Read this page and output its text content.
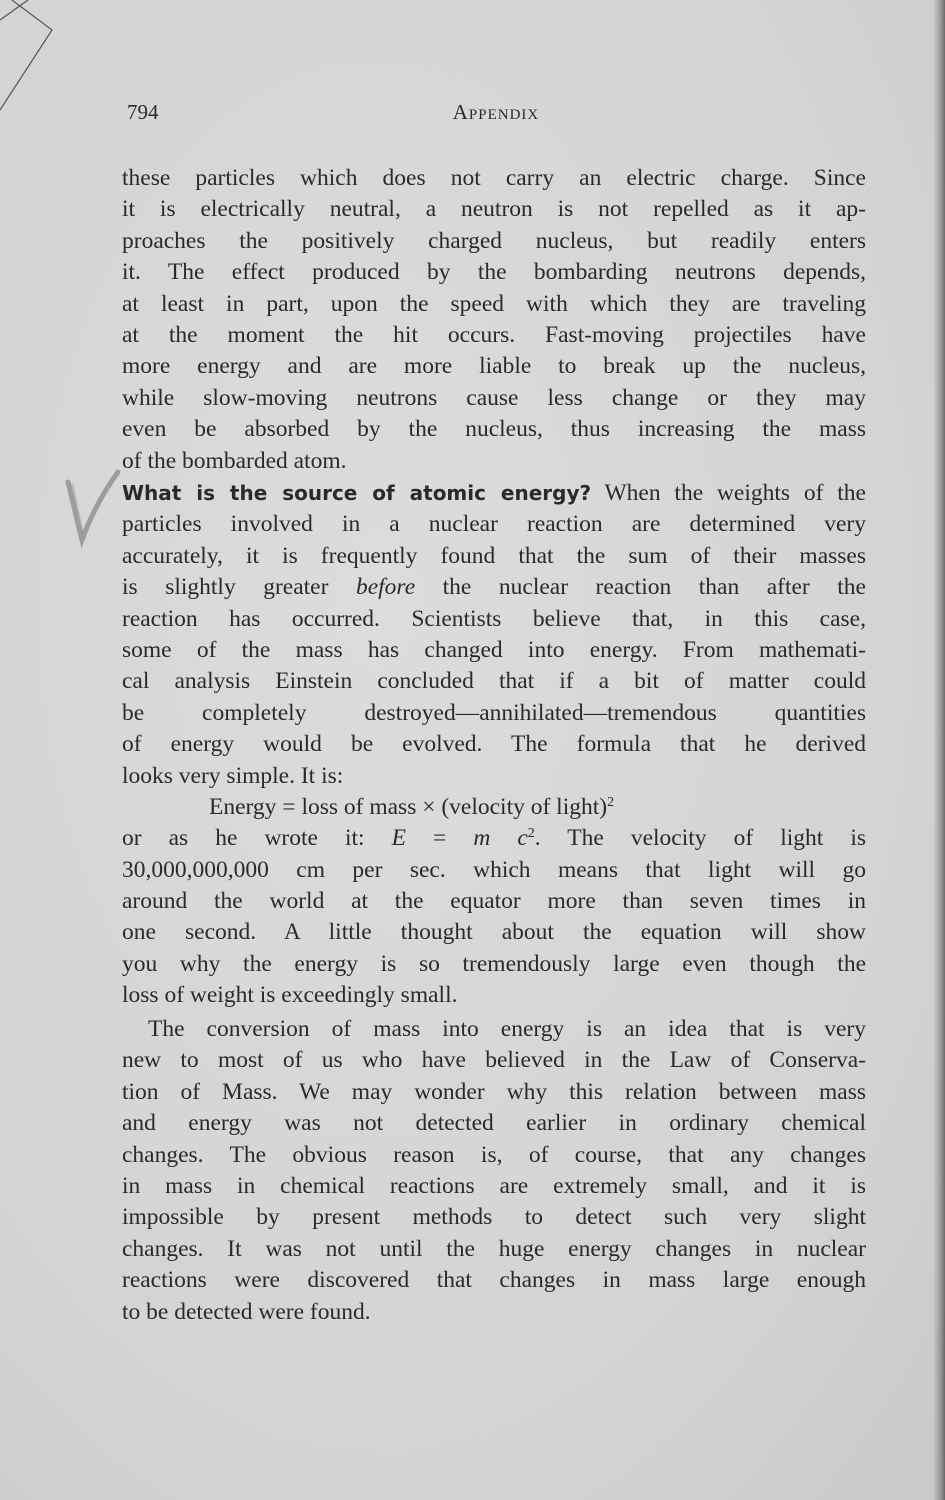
794	Appendix
these particles which does not carry an electric charge. Since
it is electrically neutral, a neutron is not repelled as it ap-
proaches the positively charged nucleus, but readily enters
it. The effect produced by the bombarding neutrons depends,
at least in part, upon the speed with which they are traveling
at the moment the hit occurs. Fast-moving projectiles have
more energy and are more liable to break up the nucleus,
while slow-moving neutrons cause less change or they may
even be absorbed by the nucleus, thus increasing the mass
of the bombarded atom.
What is the source of atomic energy? When the weights of the
particles involved in a nuclear reaction are determined very
accurately, it is frequently found that the sum of their masses
is slightly greater before the nuclear reaction than after the
reaction has occurred. Scientists believe that, in this case,
some of the mass has changed into energy. From mathemati-
cal analysis Einstein concluded that if a bit of matter could
be completely destroyed—annihilated—tremendous quantities
of energy would be evolved. The formula that he derived
looks very simple. It is:
Energy = loss of mass × (velocity of light)$^2$
or as he wrote it: E = m $c^2$. The velocity of light is
30,000,000,000 cm per sec. which means that light will go
around the world at the equator more than seven times in
one second. A little thought about the equation will show
you why the energy is so tremendously large even though the
loss of weight is exceedingly small.
The conversion of mass into energy is an idea that is very
new to most of us who have believed in the Law of Conserva-
tion of Mass. We may wonder why this relation between mass
and energy was not detected earlier in ordinary chemical
changes. The obvious reason is, of course, that any changes
in mass in chemical reactions are extremely small, and it is
impossible by present methods to detect such very slight
changes. It was not until the huge energy changes in nuclear
reactions were discovered that changes in mass large enough
to be detected were found.
